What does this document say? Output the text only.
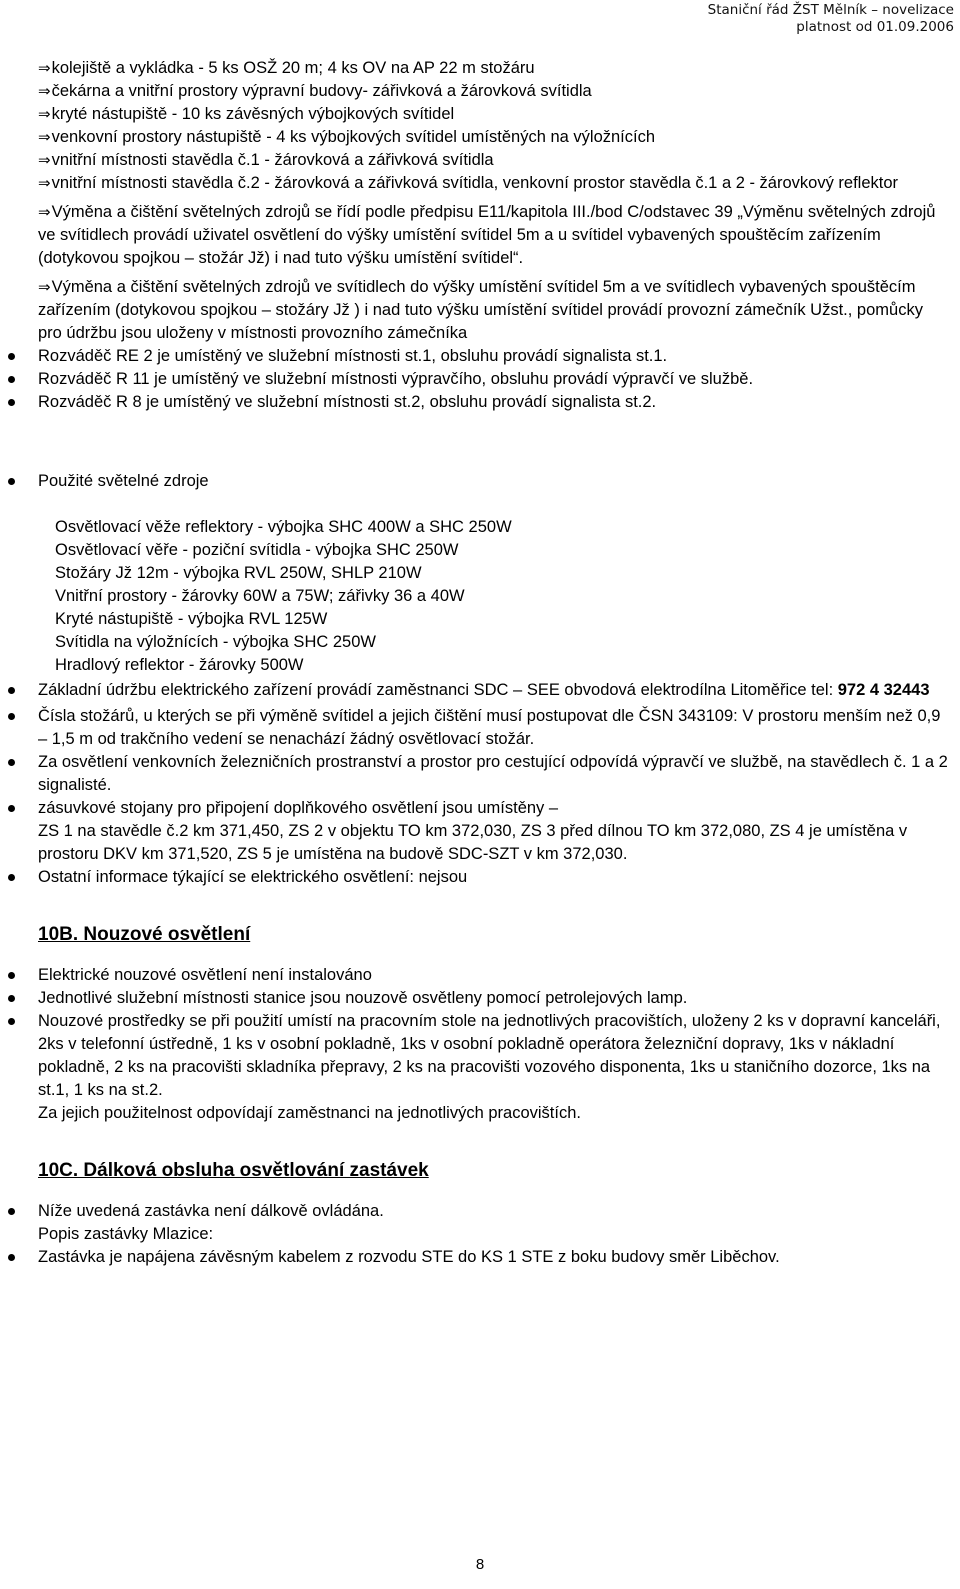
Staniční řád ŽST Mělník – novelizace
platnost od 01.09.2006

⇒kolejiště a vykládka - 5 ks OSŽ 20 m; 4 ks OV na AP 22 m stožáru

⇒čekárna a vnitřní prostory výpravní budovy- zářivková a žárovková svítidla

⇒kryté nástupiště - 10 ks závěsných výbojkových svítidel

⇒venkovní prostory nástupiště - 4 ks výbojkových svítidel umístěných na výložnících

⇒vnitřní místnosti stavědla č.1 - žárovková a zářivková svítidla

⇒vnitřní místnosti stavědla č.2 - žárovková a zářivková svítidla, venkovní prostor stavědla č.1 a 2 - žárovkový reflektor

⇒Výměna a čištění světelných zdrojů se řídí podle předpisu E11/kapitola III./bod C/odstavec 39 „Výměnu světelných zdrojů ve svítidlech provádí uživatel osvětlení do výšky umístění svítidel 5m a u svítidel vybavených spouštěcím zařízením (dotykovou spojkou – stožár Jž) i nad tuto výšku umístění svítidel“.

⇒Výměna a čištění světelných zdrojů ve svítidlech do výšky umístění svítidel 5m a ve svítidlech vybavených spouštěcím zařízením (dotykovou spojkou – stožáry Jž ) i nad tuto výšku umístění svítidel provádí provozní zámečník Užst., pomůcky pro údržbu jsou uloženy v místnosti provozního zámečníka

Rozváděč RE 2 je umístěný ve služební místnosti st.1, obsluhu provádí signalista st.1.

Rozváděč R 11 je umístěný ve služební místnosti výpravčího, obsluhu provádí výpravčí ve službě.

Rozváděč R 8 je umístěný ve služební místnosti st.2, obsluhu provádí signalista st.2.

Použité světelné zdroje

Osvětlovací věže reflektory - výbojka SHC 400W a SHC 250W
Osvětlovací věře - poziční svítidla - výbojka SHC 250W
Stožáry Jž 12m - výbojka RVL 250W, SHLP 210W
Vnitřní prostory - žárovky 60W a 75W; zářivky 36 a 40W
Kryté nástupiště - výbojka RVL 125W
Svítidla na výložnících - výbojka SHC 250W
Hradlový reflektor - žárovky 500W

Základní údržbu elektrického zařízení provádí zaměstnanci SDC – SEE obvodová elektrodílna Litoměřice tel: 972 4 32443

Čísla stožárů, u kterých se při výměně svítidel a jejich čištění musí postupovat dle ČSN 343109: V prostoru menším než 0,9 – 1,5 m od trakčního vedení se nenachází žádný osvětlovací stožár.

Za osvětlení venkovních železničních prostranství a prostor pro cestující odpovídá výpravčí ve službě, na stavědlech č. 1 a 2 signalisté.

zásuvkové stojany pro připojení doplňkového osvětlení jsou umístěny –
ZS 1 na stavědle č.2 km 371,450, ZS 2 v objektu TO km 372,030, ZS 3 před dílnou TO km 372,080, ZS 4 je umístěna v prostoru DKV km 371,520, ZS 5 je umístěna na budově SDC-SZT v km 372,030.

Ostatní informace týkající se elektrického osvětlení: nejsou

10B. Nouzové osvětlení

Elektrické nouzové osvětlení není instalováno

Jednotlivé služební místnosti stanice jsou nouzově osvětleny pomocí petrolejových lamp.

Nouzové prostředky se při použití umístí na pracovním stole na jednotlivých pracovištích, uloženy 2 ks v dopravní kanceláři, 2ks v telefonní ústředně, 1 ks v osobní pokladně, 1ks v osobní pokladně operátora železniční dopravy, 1ks v nákladní pokladně, 2 ks na pracovišti skladníka přepravy, 2 ks na pracovišti vozového disponenta, 1ks u staničního dozorce, 1ks na st.1, 1 ks na st.2.

Za jejich použitelnost odpovídají zaměstnanci na jednotlivých pracovištích.

10C. Dálková obsluha osvětlování zastávek

Níže uvedená zastávka není dálkově ovládána.

Popis zastávky Mlazice:

Zastávka je napájena závěsným kabelem z rozvodu STE do KS 1 STE z boku budovy směr Liběchov.

8
